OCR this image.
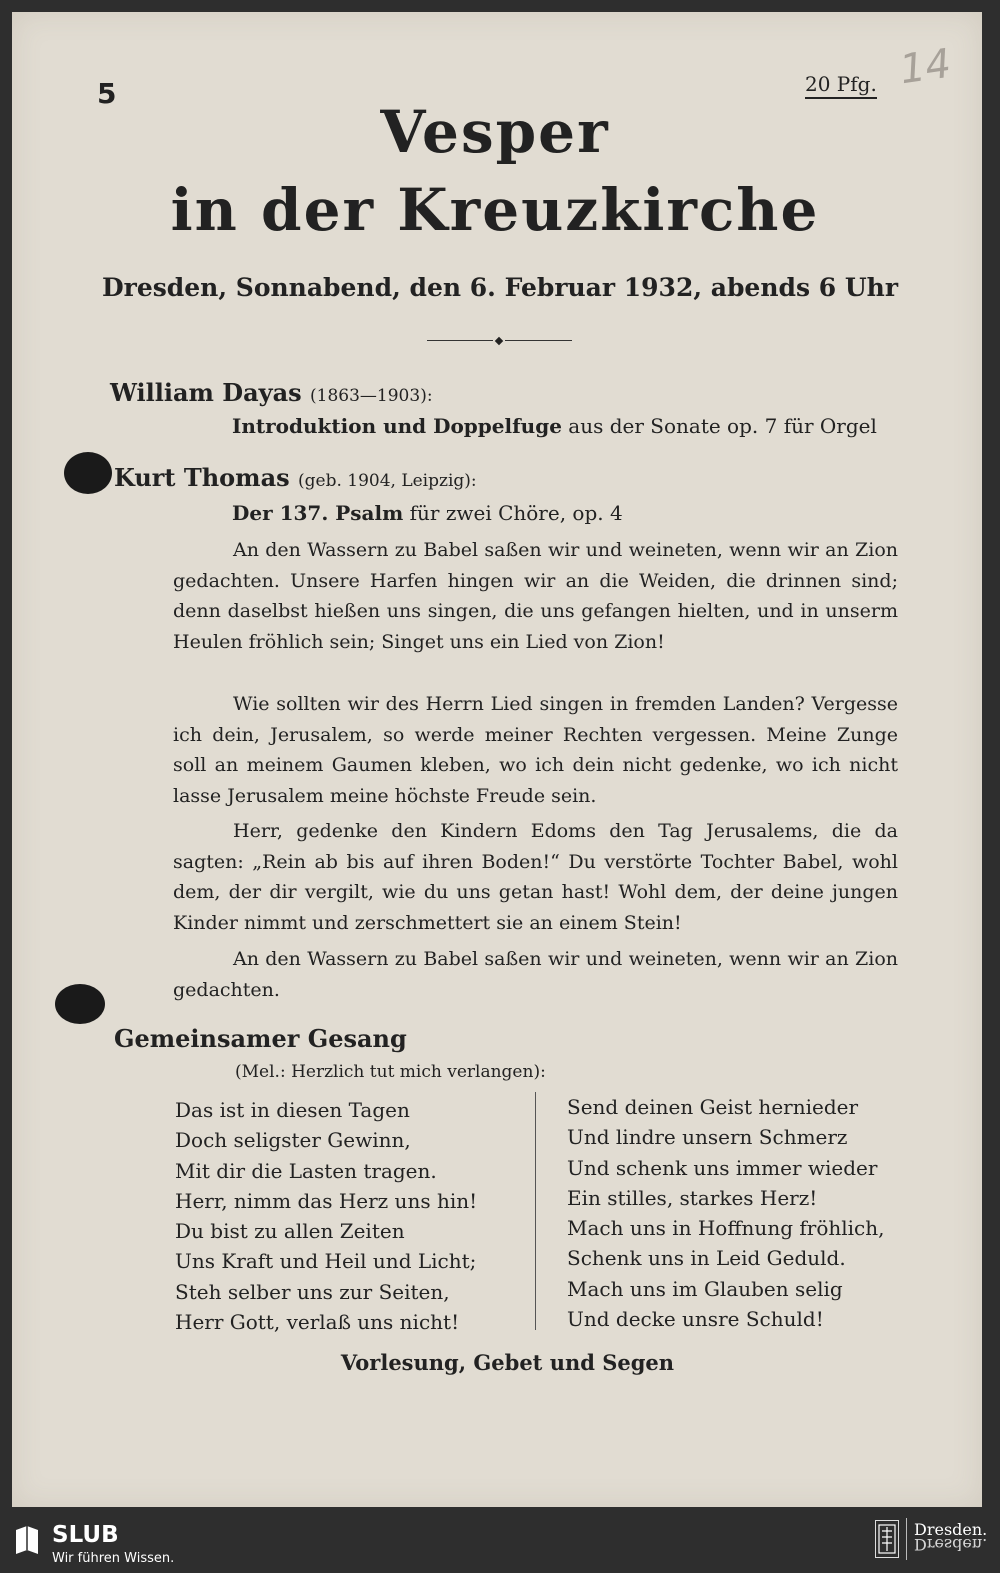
5	20 Pfg. 14
Vesper
in der Kreuzkirche
Dresden, Sonnabend, den 6. Februar 1932, abends 6 Uhr
William Dayas (1863—1903):
Introduktion und Doppelfuge aus der Sonate op. 7 für Orgel
Kurt Thomas (geb. 1904, Leipzig):
Der 137. Psalm für zwei Chöre, op. 4
An den Wassern zu Babel saßen wir und weineten, wenn wir an Zion gedachten. Unsere Harfen hingen wir an die Weiden, die drinnen sind; denn daselbst hießen uns singen, die uns gefangen hielten, und in unserm Heulen fröhlich sein; Singet uns ein Lied von Zion!
Wie sollten wir des Herrn Lied singen in fremden Landen? Vergesse ich dein, Jerusalem, so werde meiner Rechten vergessen. Meine Zunge soll an meinem Gaumen kleben, wo ich dein nicht gedenke, wo ich nicht lasse Jerusalem meine höchste Freude sein.
Herr, gedenke den Kindern Edoms den Tag Jerusalems, die da sagten: „Rein ab bis auf ihren Boden!“ Du verstörte Tochter Babel, wohl dem, der dir vergilt, wie du uns getan hast! Wohl dem, der deine jungen Kinder nimmt und zerschmettert sie an einem Stein!
An den Wassern zu Babel saßen wir und weineten, wenn wir an Zion gedachten.
Gemeinsamer Gesang
(Mel.: Herzlich tut mich verlangen):
Das ist in diesen Tagen
Doch seligster Gewinn,
Mit dir die Lasten tragen.
Herr, nimm das Herz uns hin!
Du bist zu allen Zeiten
Uns Kraft und Heil und Licht;
Steh selber uns zur Seiten,
Herr Gott, verlaß uns nicht!
Send deinen Geist hernieder
Und lindre unsern Schmerz
Und schenk uns immer wieder
Ein stilles, starkes Herz!
Mach uns in Hoffnung fröhlich,
Schenk uns in Leid Geduld.
Mach uns im Glauben selig
Und decke unsre Schuld!
Vorlesung, Gebet und Segen
SLUB
Wir führen Wissen.
Dresden.
Dresden.
